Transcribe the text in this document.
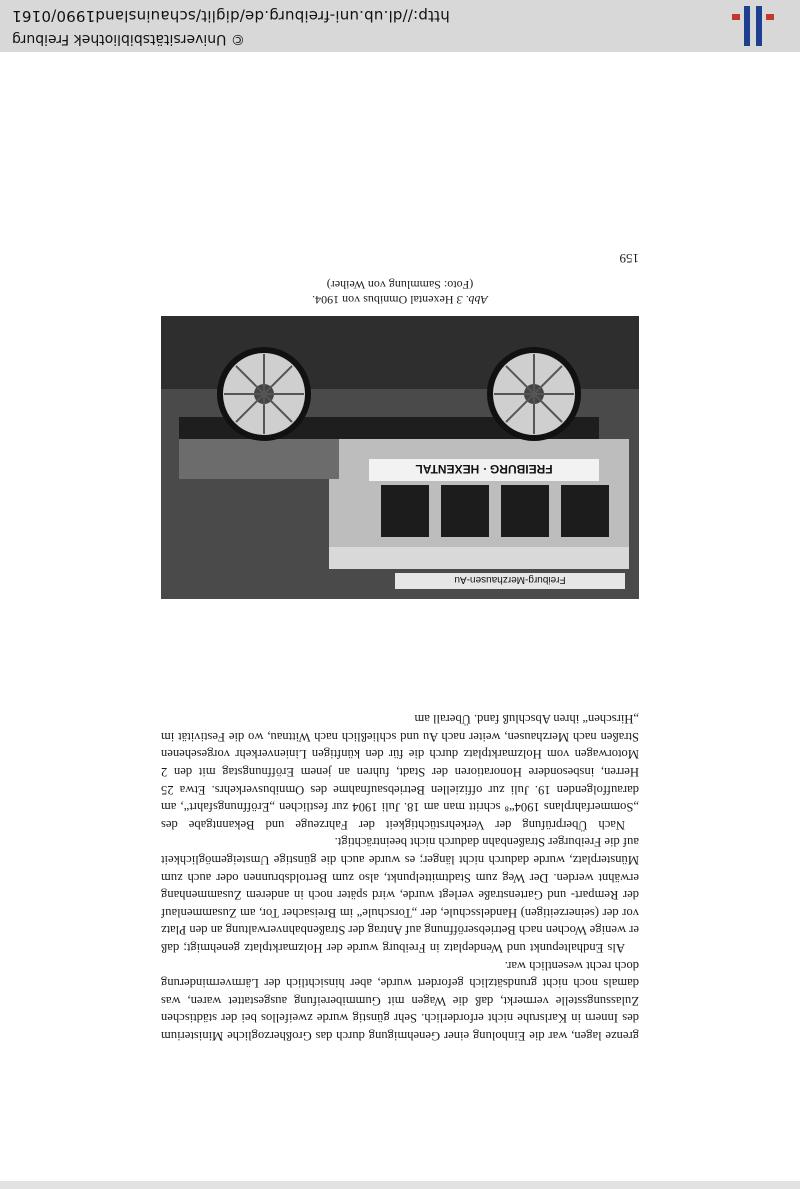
grenze lagen, war die Einholung einer Genehmigung durch das Großherzogliche Ministerium des Innern in Karlsruhe nicht erforderlich. Sehr günstig wurde zweifellos bei der städtischen Zulassungsstelle vermerkt, daß die Wagen mit Gummibereifung ausgestattet waren, was damals noch nicht grundsätzlich gefordert wurde, aber hinsichtlich der Lärmverminderung doch recht wesentlich war.

Als Endhaltepunkt und Wendeplatz in Freiburg wurde der Holzmarktplatz genehmigt; daß er wenige Wochen nach Betriebseröffnung auf Antrag der Straßenbahnverwaltung an den Platz vor der (seinerzeitigen) Handelsschule, der „Torschule“ im Breisacher Tor, am Zusammenlauf der Rempart- und Gartenstraße verlegt wurde, wird später noch in anderem Zusammenhang erwähnt werden. Der Weg zum Stadtmittelpunkt, also zum Bertoldsbrunnen oder auch zum Münsterplatz, wurde dadurch nicht länger; es wurde auch die günstige Umsteigemöglichkeit auf die Freiburger Straßenbahn dadurch nicht beeinträchtigt.

Nach Überprüfung der Verkehrstüchtigkeit der Fahrzeuge und Bekanntgabe des „Sommerfahrplans 1904“⁸ schritt man am 18. Juli 1904 zur festlichen „Eröffnungsfahrt“, am darauffolgenden 19. Juli zur offiziellen Betriebsaufnahme des Omnibusverkehrs. Etwa 25 Herren, insbesondere Honoratioren der Stadt, fuhren an jenem Eröffnungstag mit den 2 Motorwagen vom Holzmarktplatz durch die für den künftigen Linienverkehr vorgesehenen Straßen nach Merzhausen, weiter nach Au und schließlich nach Wittnau, wo die Festivität im „Hirschen“ ihren Abschluß fand. Überall am

FREIBURG · HEXENTAL
Freiburg-Merzhausen-Au
Abb. 3 Hexental Omnibus von 1904.
(Foto: Sammlung von Weiher)
159
http://dl.ub.uni-freiburg.de/diglit/schauinsland1990/0161
© Universitätsbibliothek Freiburg
